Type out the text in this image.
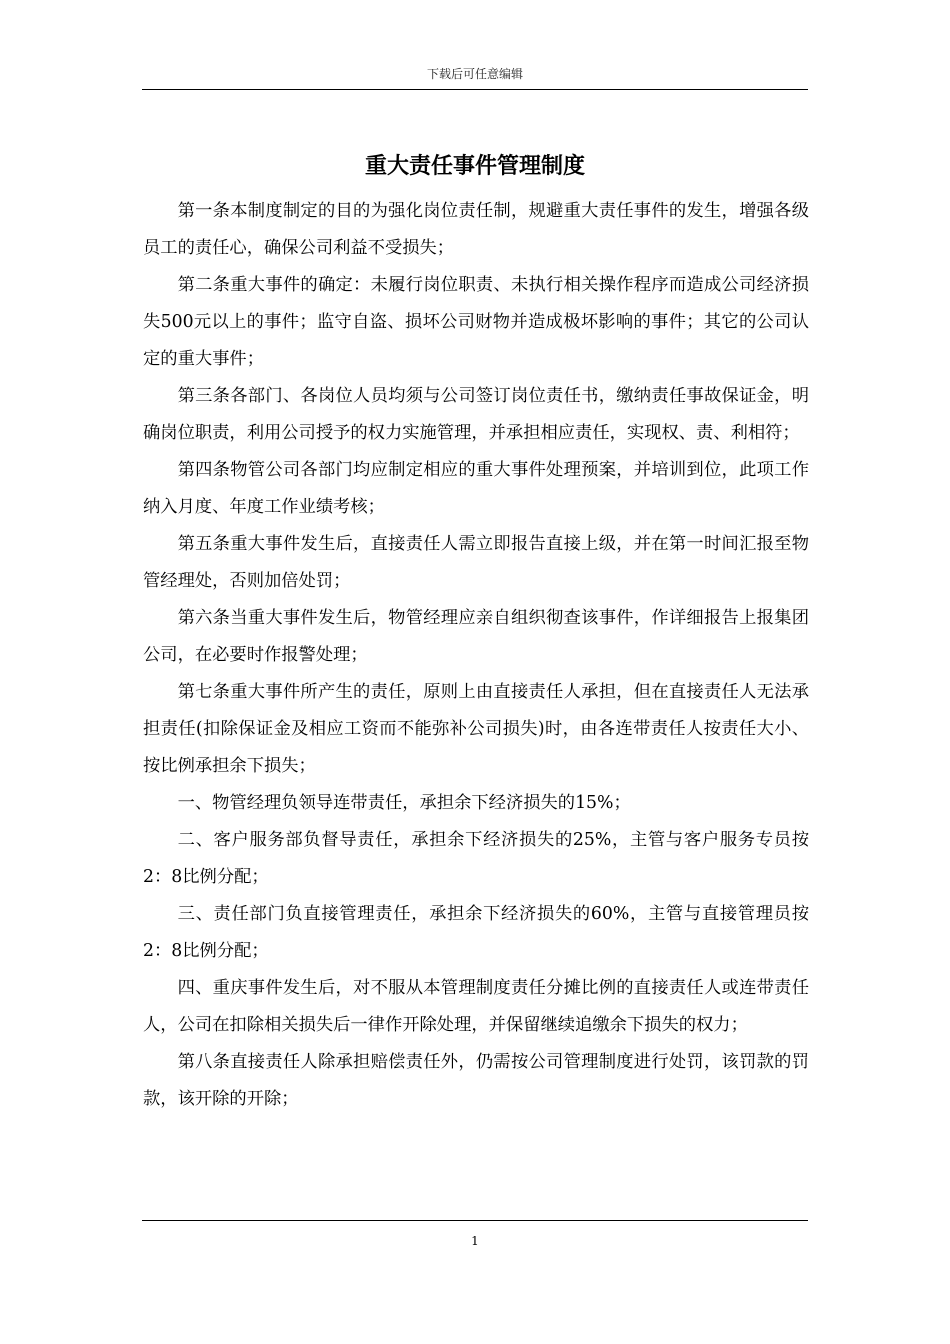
下载后可任意编辑
重大责任事件管理制度

第一条本制度制定的目的为强化岗位责任制，规避重大责任事件的发生，增强各级员工的责任心，确保公司利益不受损失；

第二条重大事件的确定：未履行岗位职责、未执行相关操作程序而造成公司经济损失500元以上的事件；监守自盗、损坏公司财物并造成极坏影响的事件；其它的公司认定的重大事件；

第三条各部门、各岗位人员均须与公司签订岗位责任书，缴纳责任事故保证金，明确岗位职责，利用公司授予的权力实施管理，并承担相应责任，实现权、责、利相符；

第四条物管公司各部门均应制定相应的重大事件处理预案，并培训到位，此项工作纳入月度、年度工作业绩考核；

第五条重大事件发生后，直接责任人需立即报告直接上级，并在第一时间汇报至物管经理处，否则加倍处罚；

第六条当重大事件发生后，物管经理应亲自组织彻查该事件，作详细报告上报集团公司，在必要时作报警处理；

第七条重大事件所产生的责任，原则上由直接责任人承担，但在直接责任人无法承担责任(扣除保证金及相应工资而不能弥补公司损失)时，由各连带责任人按责任大小、按比例承担余下损失；

一、物管经理负领导连带责任，承担余下经济损失的15%；

二、客户服务部负督导责任，承担余下经济损失的25%，主管与客户服务专员按2：8比例分配；

三、责任部门负直接管理责任，承担余下经济损失的60%，主管与直接管理员按2：8比例分配；

四、重庆事件发生后，对不服从本管理制度责任分摊比例的直接责任人或连带责任人，公司在扣除相关损失后一律作开除处理，并保留继续追缴余下损失的权力；

第八条直接责任人除承担赔偿责任外，仍需按公司管理制度进行处罚，该罚款的罚款，该开除的开除；

1
